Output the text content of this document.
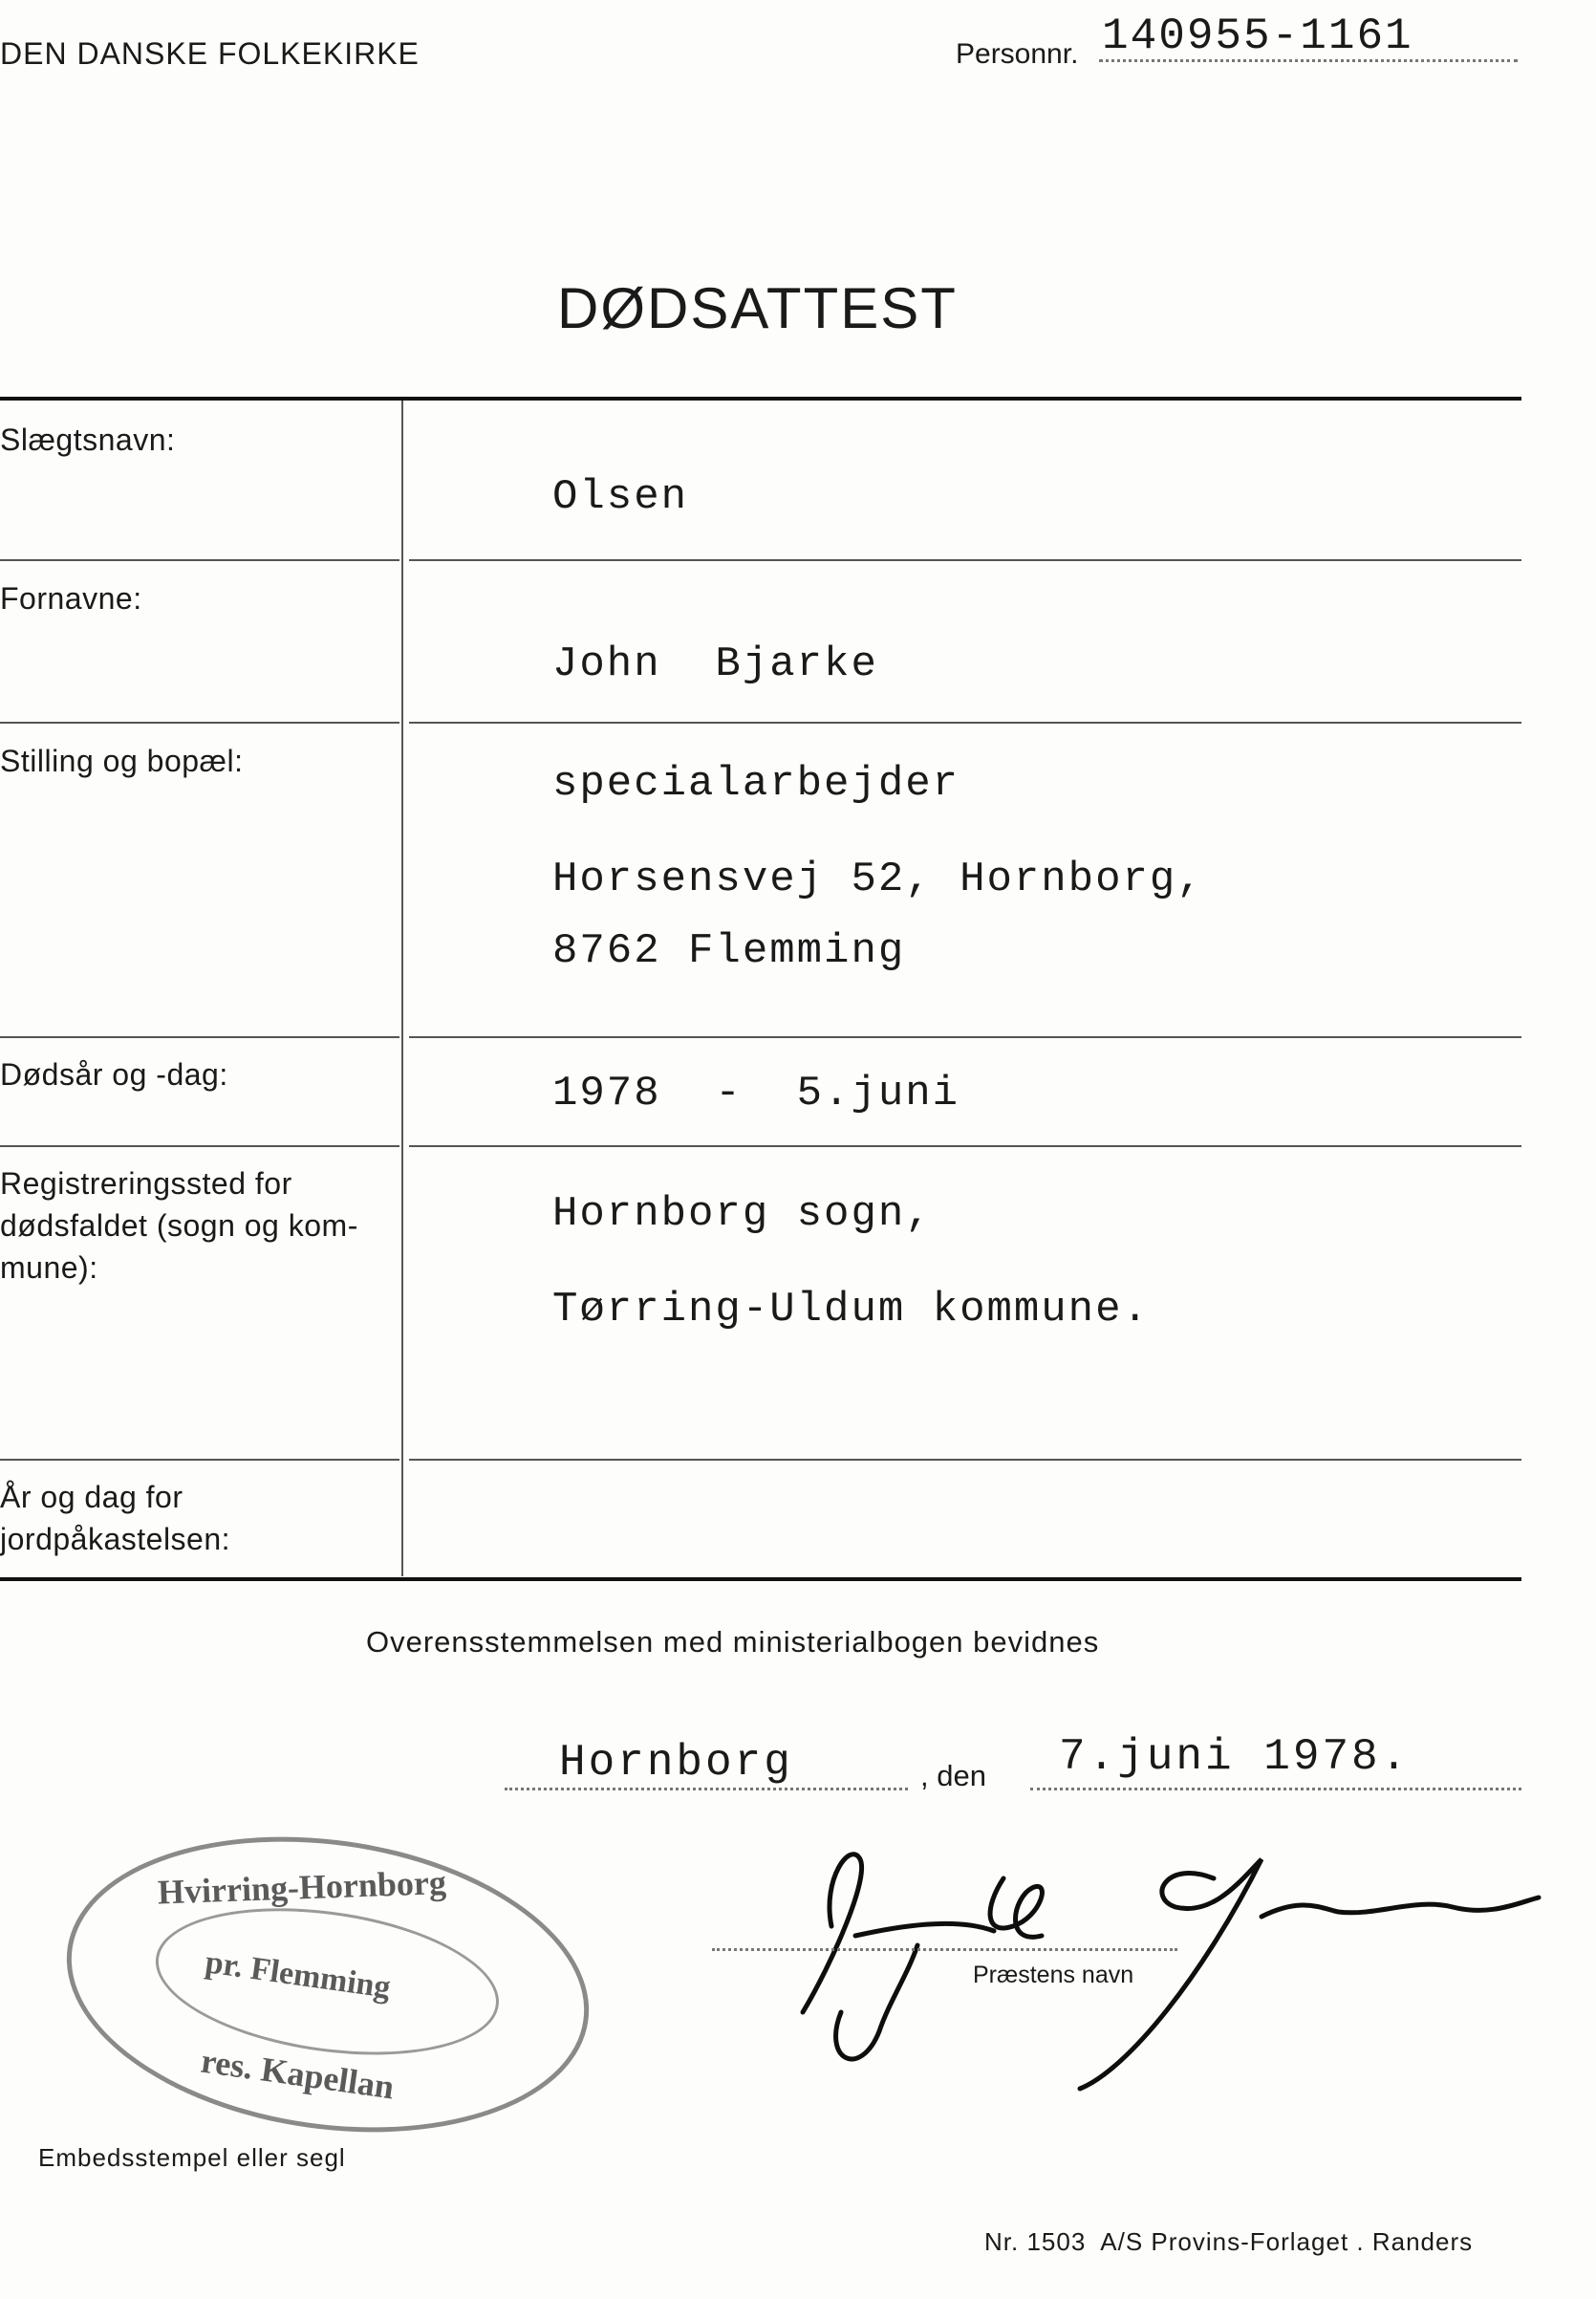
DEN DANSKE FOLKEKIRKE	Personnr. 140955-1161
DØDSATTEST
Slægtsnavn:
Fornavne:
Stilling og bopæl:
Dødsår og -dag:
Registreringssted for
dødsfaldet (sogn og kom-
mune):
År og dag for
jordpåkastelsen:
Olsen
John  Bjarke
specialarbejder
Horsensvej 52, Hornborg,
8762 Flemming
1978  -  5.juni
Hornborg sogn,
Tørring-Uldum kommune.
Overensstemmelsen med ministerialbogen bevidnes
Hornborg	, den 7.juni 1978.
Præstens navn
Hvirring-Hornborg
pr. Flemming
res. Kapellan
Embedsstempel eller segl
Nr. 1503  A/S Provins-Forlaget . Randers
